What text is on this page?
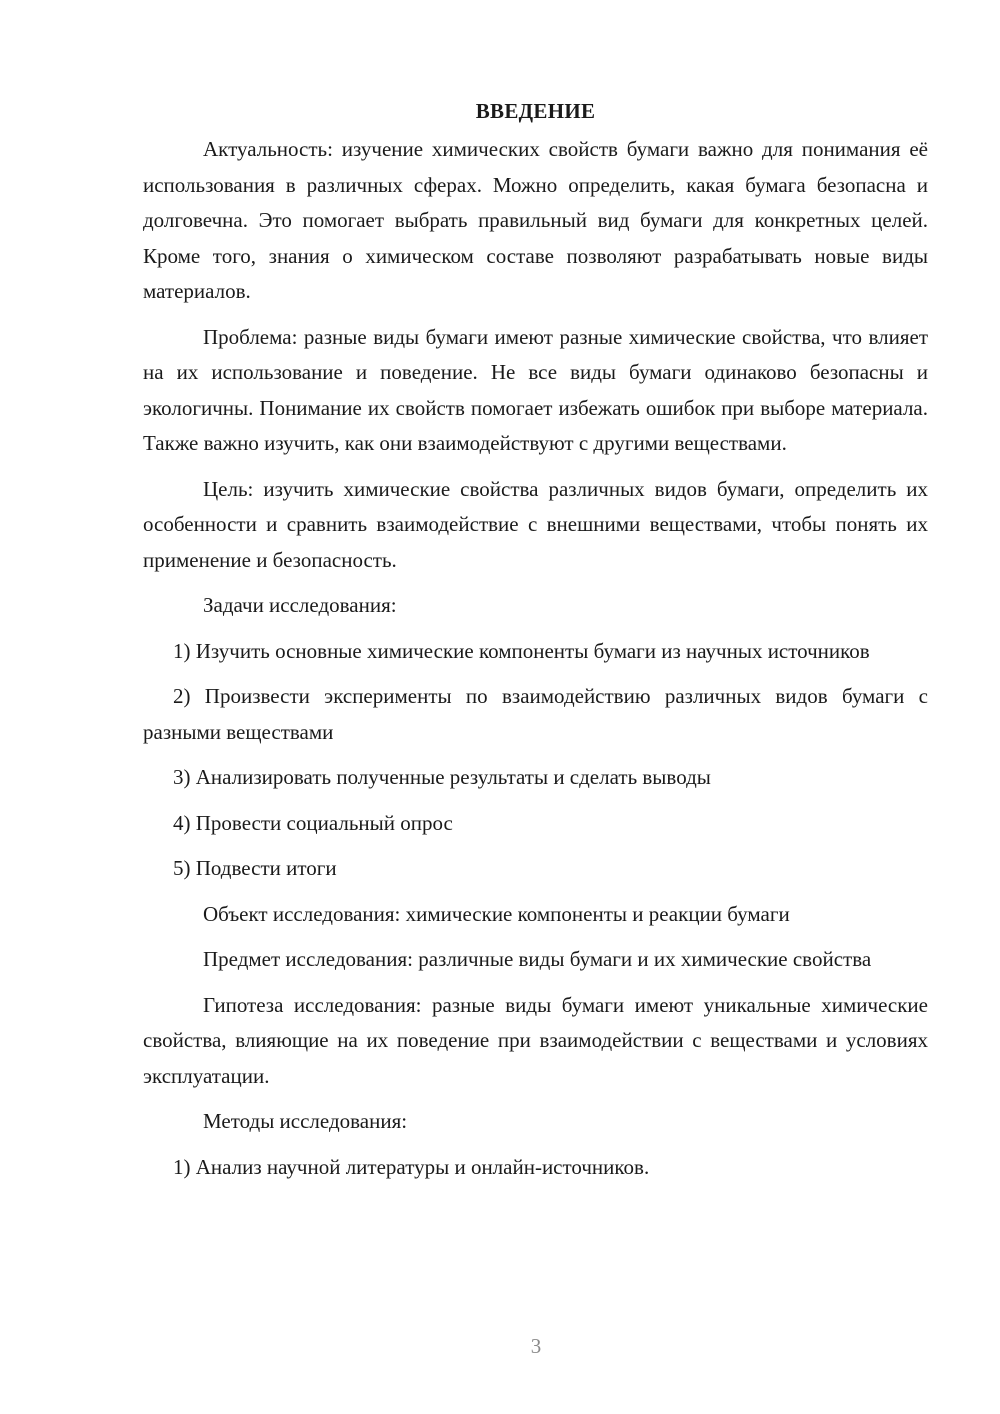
ВВЕДЕНИЕ

Актуальность: изучение химических свойств бумаги важно для понимания её использования в различных сферах. Можно определить, какая бумага безопасна и долговечна. Это помогает выбрать правильный вид бумаги для конкретных целей. Кроме того, знания о химическом составе позволяют разрабатывать новые виды материалов.

Проблема: разные виды бумаги имеют разные химические свойства, что влияет на их использование и поведение. Не все виды бумаги одинаково безопасны и экологичны. Понимание их свойств помогает избежать ошибок при выборе материала. Также важно изучить, как они взаимодействуют с другими веществами.

Цель: изучить химические свойства различных видов бумаги, определить их особенности и сравнить взаимодействие с внешними веществами, чтобы понять их применение и безопасность.

Задачи исследования:

1) Изучить основные химические компоненты бумаги из научных источников

2) Произвести эксперименты по взаимодействию различных видов бумаги с разными веществами

3) Анализировать полученные результаты и сделать выводы

4) Провести социальный опрос

5) Подвести итоги

Объект исследования: химические компоненты и реакции бумаги

Предмет исследования: различные виды бумаги и их химические свойства

Гипотеза исследования: разные виды бумаги имеют уникальные химические свойства, влияющие на их поведение при взаимодействии с веществами и условиях эксплуатации.

Методы исследования:

1) Анализ научной литературы и онлайн-источников.

3
